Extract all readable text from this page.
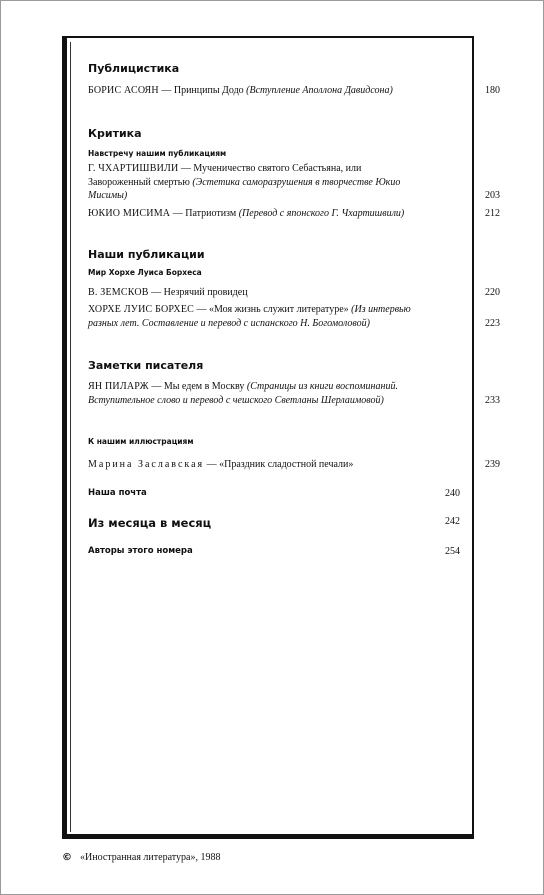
Публицистика

БОРИС АСОЯН — Принципы Додо (Вступление Аполлона Давидсона)	180

Критика

Навстречу нашим публикациям

Г. ЧХАРТИШВИЛИ — Мученичество святого Себастьяна, или Завороженный смертью (Эстетика саморазрушения в творчестве Юкио Мисимы)	203
ЮКИО МИСИМА — Патриотизм (Перевод с японского Г. Чхартишвили)	212

Наши публикации

Мир Хорхе Луиса Борхеса

В. ЗЕМСКОВ — Незрячий провидец	220
ХОРХЕ ЛУИС БОРХЕС — «Моя жизнь служит литературе» (Из интервью разных лет. Составление и перевод с испанского Н. Богомоловой)	223

Заметки писателя

ЯН ПИЛАРЖ — Мы едем в Москву (Страницы из книги воспоминаний. Вступительное слово и перевод с чешского Светланы Шерлаимовой)	233

К нашим иллюстрациям

Марина Заславская — «Праздник сладостной печали»	239
Наша почта	240
Из месяца в месяц	242
Авторы этого номера	254
© «Иностранная литература», 1988
